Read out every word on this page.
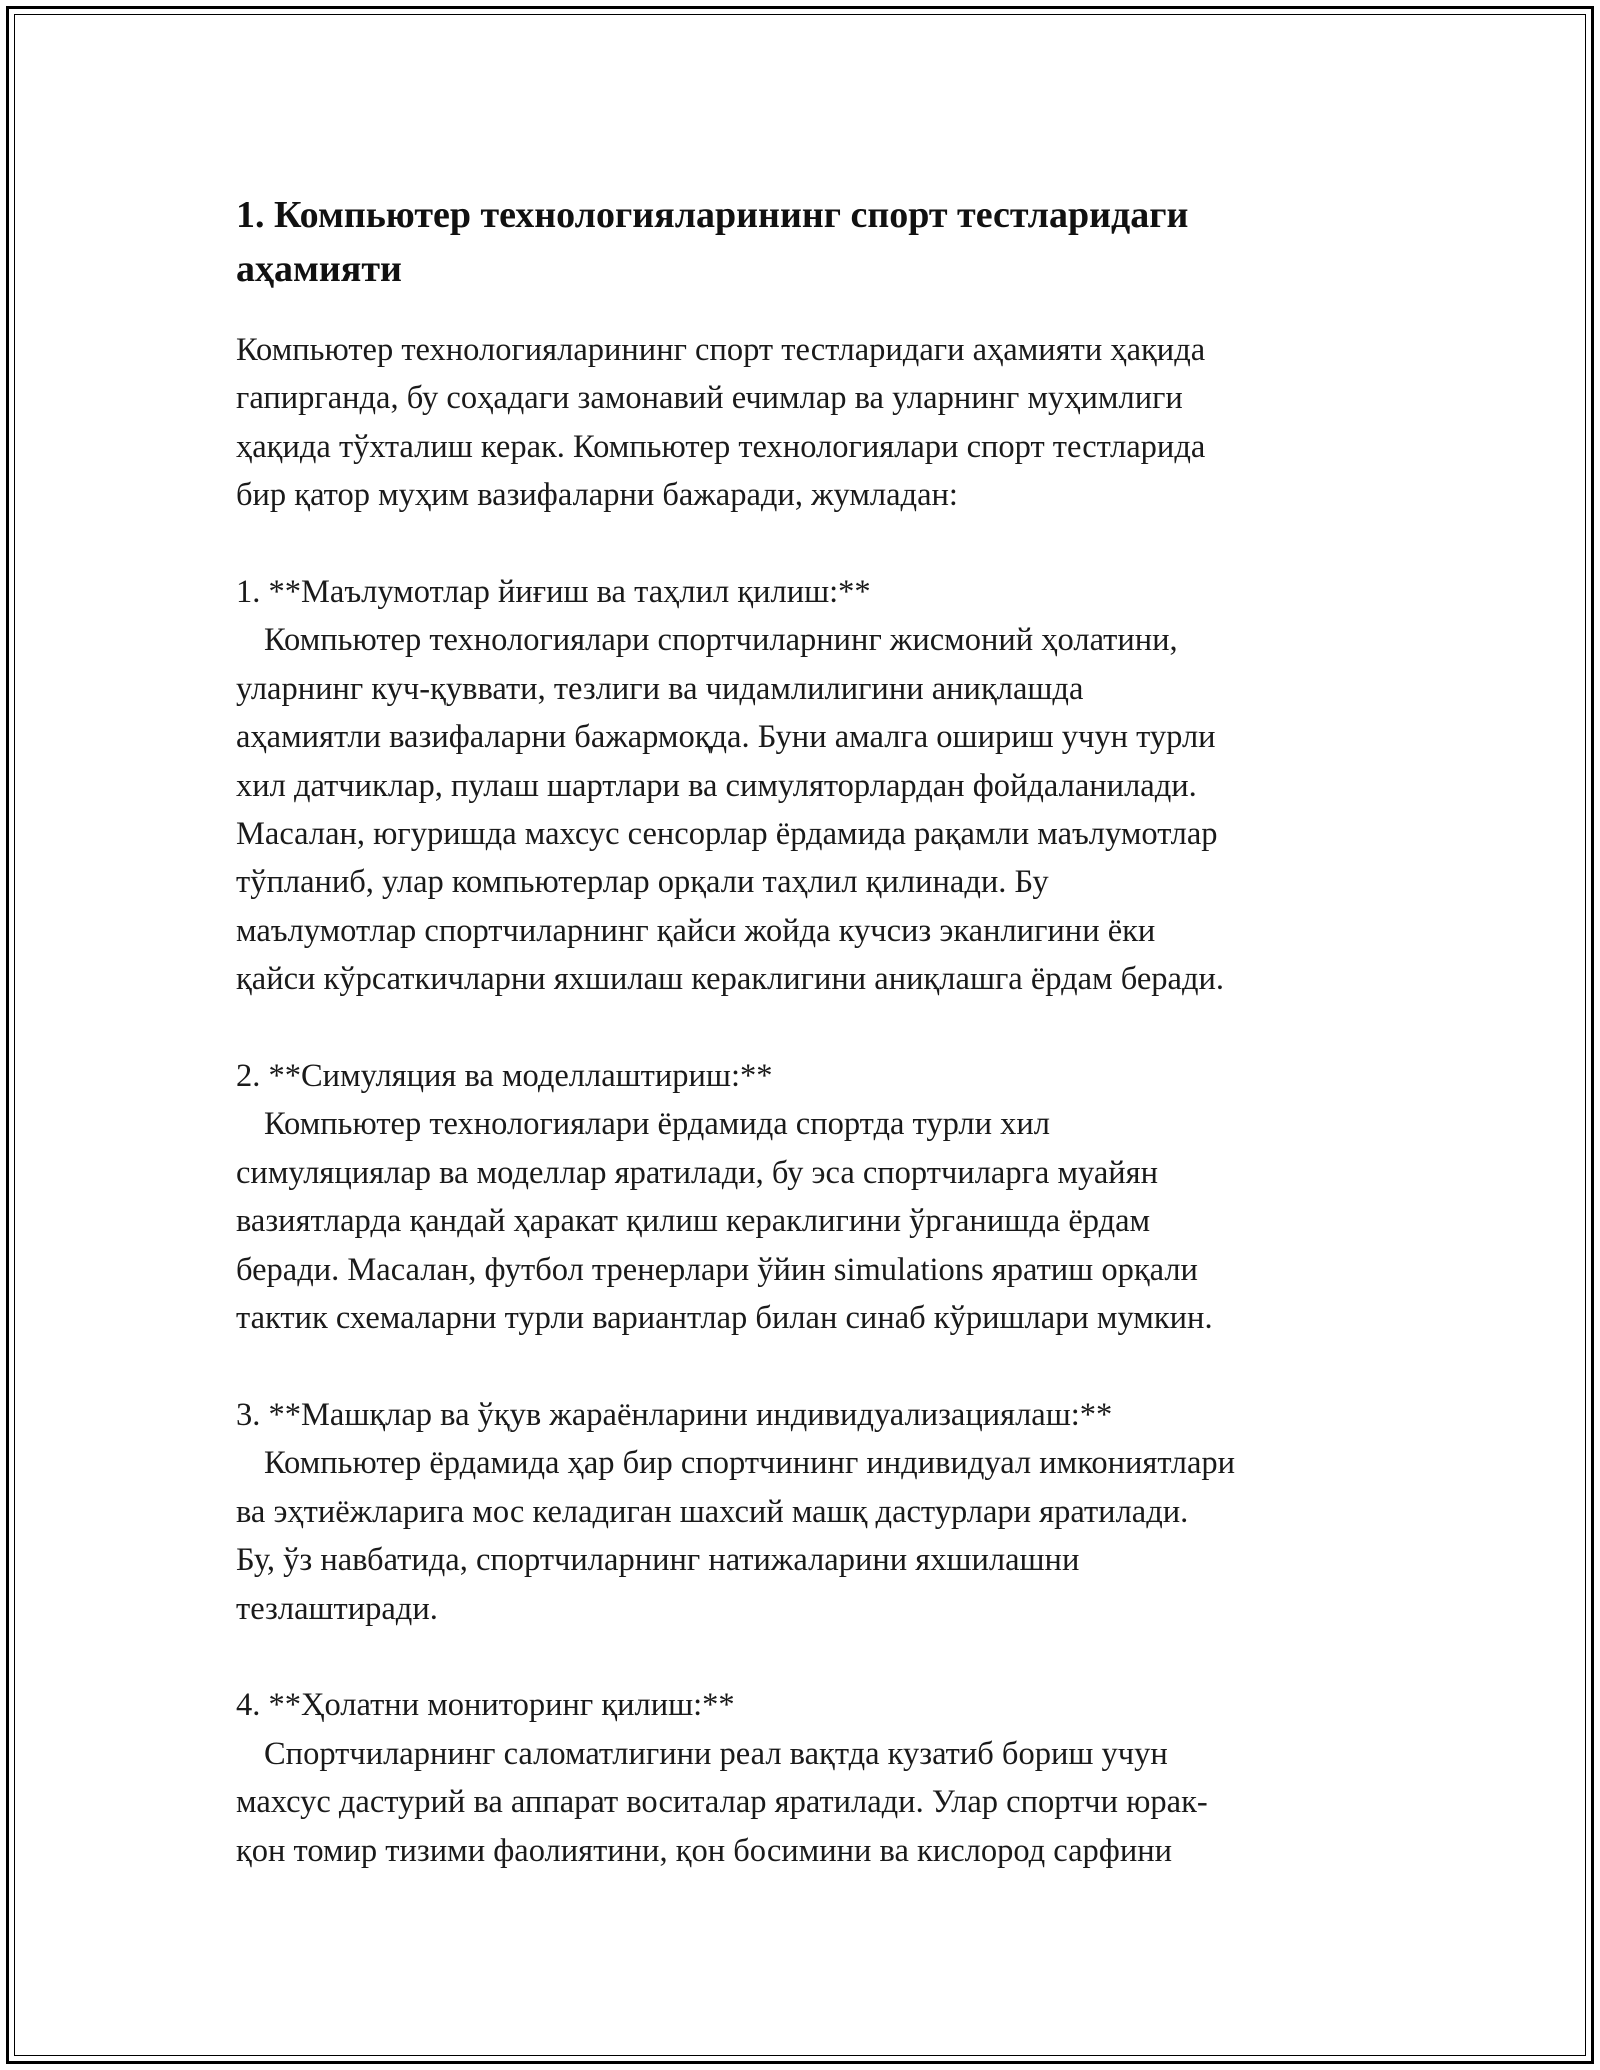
1. Компьютер технологияларининг спорт тестларидаги
аҳамияти
Компьютер технологияларининг спорт тестларидаги аҳамияти ҳақида
гапирганда, бу соҳадаги замонавий ечимлар ва уларнинг муҳимлиги
ҳақида тўхталиш керак. Компьютер технологиялари спорт тестларида
бир қатор муҳим вазифаларни бажаради, жумладан:
1. **Маълумотлар йиғиш ва таҳлил қилиш:**
Компьютер технологиялари спортчиларнинг жисмоний ҳолатини,
уларнинг куч-қуввати, тезлиги ва чидамлилигини аниқлашда
аҳамиятли вазифаларни бажармоқда. Буни амалга ошириш учун турли
хил датчиклар, пулаш шартлари ва симуляторлардан фойдаланилади.
Масалан, югуришда махсус сенсорлар ёрдамида рақамли маълумотлар
тўпланиб, улар компьютерлар орқали таҳлил қилинади. Бу
маълумотлар спортчиларнинг қайси жойда кучсиз эканлигини ёки
қайси кўрсаткичларни яхшилаш кераклигини аниқлашга ёрдам беради.
2. **Симуляция ва моделлаштириш:**
Компьютер технологиялари ёрдамида спортда турли хил
симуляциялар ва моделлар яратилади, бу эса спортчиларга муайян
вазиятларда қандай ҳаракат қилиш кераклигини ўрганишда ёрдам
беради. Масалан, футбол тренерлари ўйин simulations яратиш орқали
тактик схемаларни турли вариантлар билан синаб кўришлари мумкин.
3. **Машқлар ва ўқув жараёнларини индивидуализациялаш:**
Компьютер ёрдамида ҳар бир спортчининг индивидуал имкониятлари
ва эҳтиёжларига мос келадиган шахсий машқ дастурлари яратилади.
Бу, ўз навбатида, спортчиларнинг натижаларини яхшилашни
тезлаштиради.
4. **Ҳолатни мониторинг қилиш:**
Спортчиларнинг саломатлигини реал вақтда кузатиб бориш учун
махсус дастурий ва аппарат воситалар яратилади. Улар спортчи юрак-
қон томир тизими фаолиятини, қон босимини ва кислород сарфини
